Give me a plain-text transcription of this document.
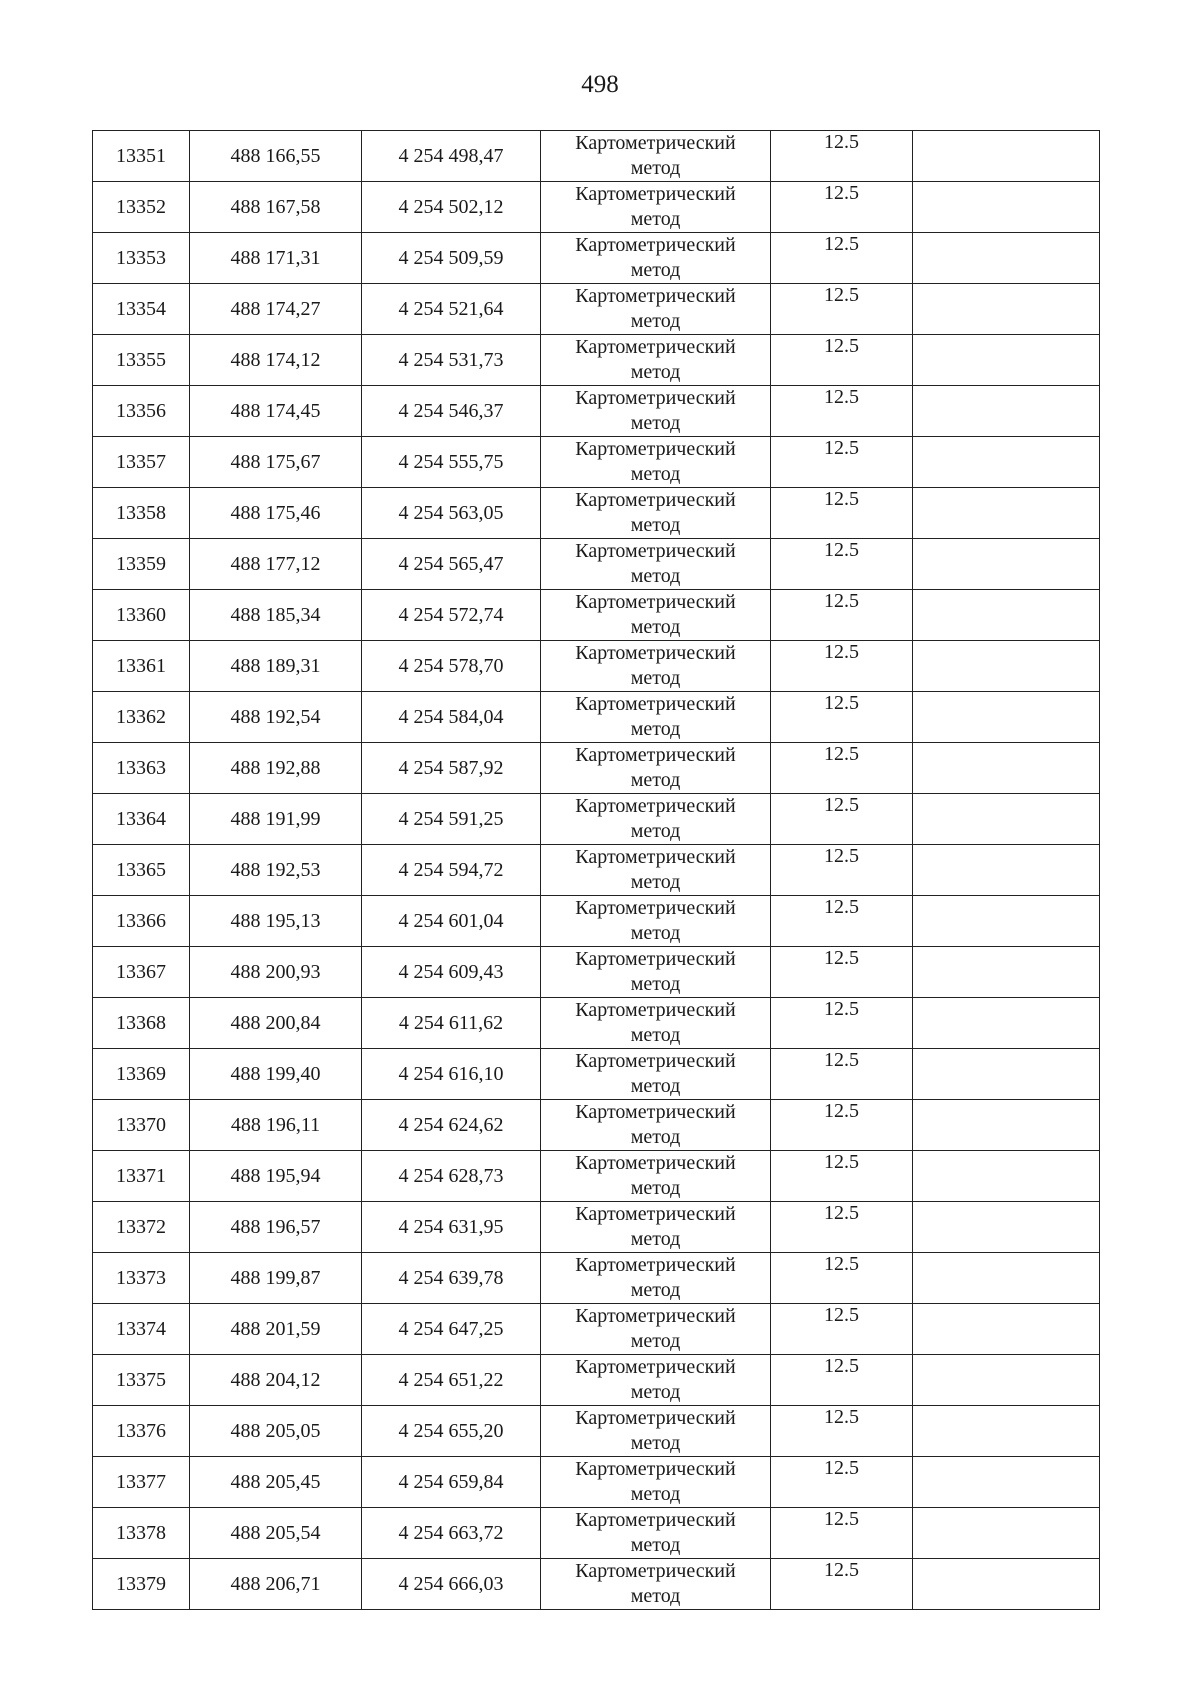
498
13351	488 166,55	4 254 498,47	Картометрический
метод	12.5	
13352	488 167,58	4 254 502,12	Картометрический
метод	12.5	
13353	488 171,31	4 254 509,59	Картометрический
метод	12.5	
13354	488 174,27	4 254 521,64	Картометрический
метод	12.5	
13355	488 174,12	4 254 531,73	Картометрический
метод	12.5	
13356	488 174,45	4 254 546,37	Картометрический
метод	12.5	
13357	488 175,67	4 254 555,75	Картометрический
метод	12.5	
13358	488 175,46	4 254 563,05	Картометрический
метод	12.5	
13359	488 177,12	4 254 565,47	Картометрический
метод	12.5	
13360	488 185,34	4 254 572,74	Картометрический
метод	12.5	
13361	488 189,31	4 254 578,70	Картометрический
метод	12.5	
13362	488 192,54	4 254 584,04	Картометрический
метод	12.5	
13363	488 192,88	4 254 587,92	Картометрический
метод	12.5	
13364	488 191,99	4 254 591,25	Картометрический
метод	12.5	
13365	488 192,53	4 254 594,72	Картометрический
метод	12.5	
13366	488 195,13	4 254 601,04	Картометрический
метод	12.5	
13367	488 200,93	4 254 609,43	Картометрический
метод	12.5	
13368	488 200,84	4 254 611,62	Картометрический
метод	12.5	
13369	488 199,40	4 254 616,10	Картометрический
метод	12.5	
13370	488 196,11	4 254 624,62	Картометрический
метод	12.5	
13371	488 195,94	4 254 628,73	Картометрический
метод	12.5	
13372	488 196,57	4 254 631,95	Картометрический
метод	12.5	
13373	488 199,87	4 254 639,78	Картометрический
метод	12.5	
13374	488 201,59	4 254 647,25	Картометрический
метод	12.5	
13375	488 204,12	4 254 651,22	Картометрический
метод	12.5	
13376	488 205,05	4 254 655,20	Картометрический
метод	12.5	
13377	488 205,45	4 254 659,84	Картометрический
метод	12.5	
13378	488 205,54	4 254 663,72	Картометрический
метод	12.5	
13379	488 206,71	4 254 666,03	Картометрический
метод	12.5	
